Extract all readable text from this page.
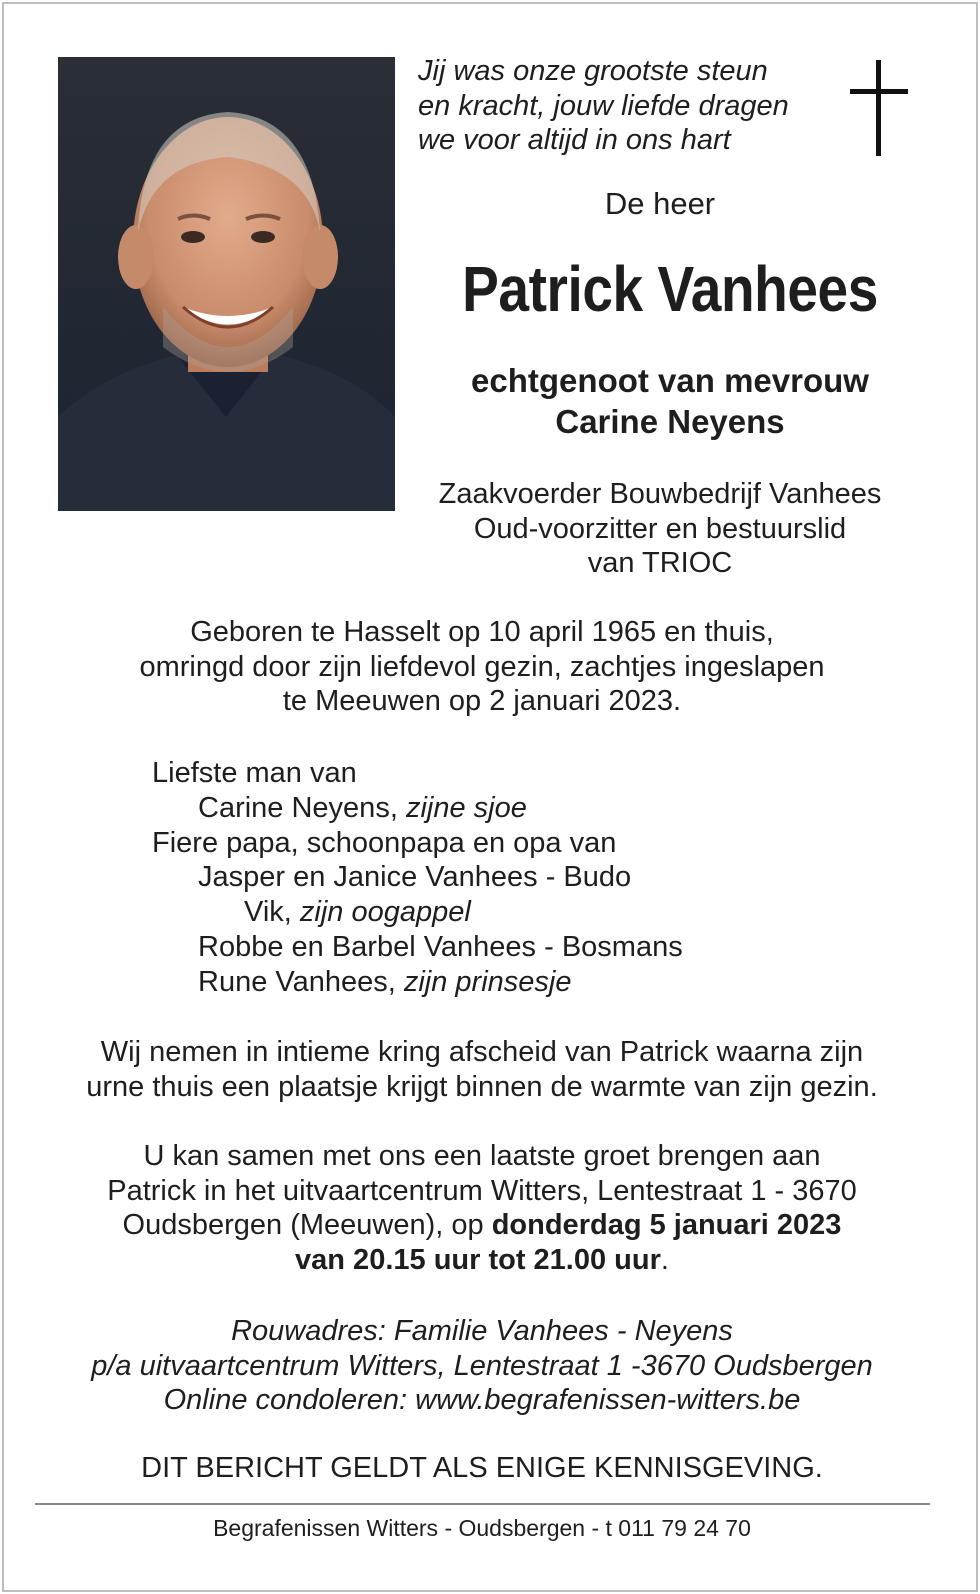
Jij was onze grootste steun
en kracht, jouw liefde dragen
we voor altijd in ons hart
De heer
Patrick Vanhees
echtgenoot van mevrouw
Carine Neyens
Zaakvoerder Bouwbedrijf Vanhees
Oud-voorzitter en bestuurslid
van TRIOC
Geboren te Hasselt op 10 april 1965 en thuis,
omringd door zijn liefdevol gezin, zachtjes ingeslapen
te Meeuwen op 2 januari 2023.
Liefste man van
Carine Neyens, zijne sjoe
Fiere papa, schoonpapa en opa van
Jasper en Janice Vanhees - Budo
Vik, zijn oogappel
Robbe en Barbel Vanhees - Bosmans
Rune Vanhees, zijn prinsesje
Wij nemen in intieme kring afscheid van Patrick waarna zijn
urne thuis een plaatsje krijgt binnen de warmte van zijn gezin.
U kan samen met ons een laatste groet brengen aan
Patrick in het uitvaartcentrum Witters, Lentestraat 1 - 3670
Oudsbergen (Meeuwen), op donderdag 5 januari 2023
van 20.15 uur tot 21.00 uur.
Rouwadres: Familie Vanhees - Neyens
p/a uitvaartcentrum Witters, Lentestraat 1 -3670 Oudsbergen
Online condoleren: www.begrafenissen-witters.be
DIT BERICHT GELDT ALS ENIGE KENNISGEVING.
Begrafenissen Witters - Oudsbergen - t 011 79 24 70
